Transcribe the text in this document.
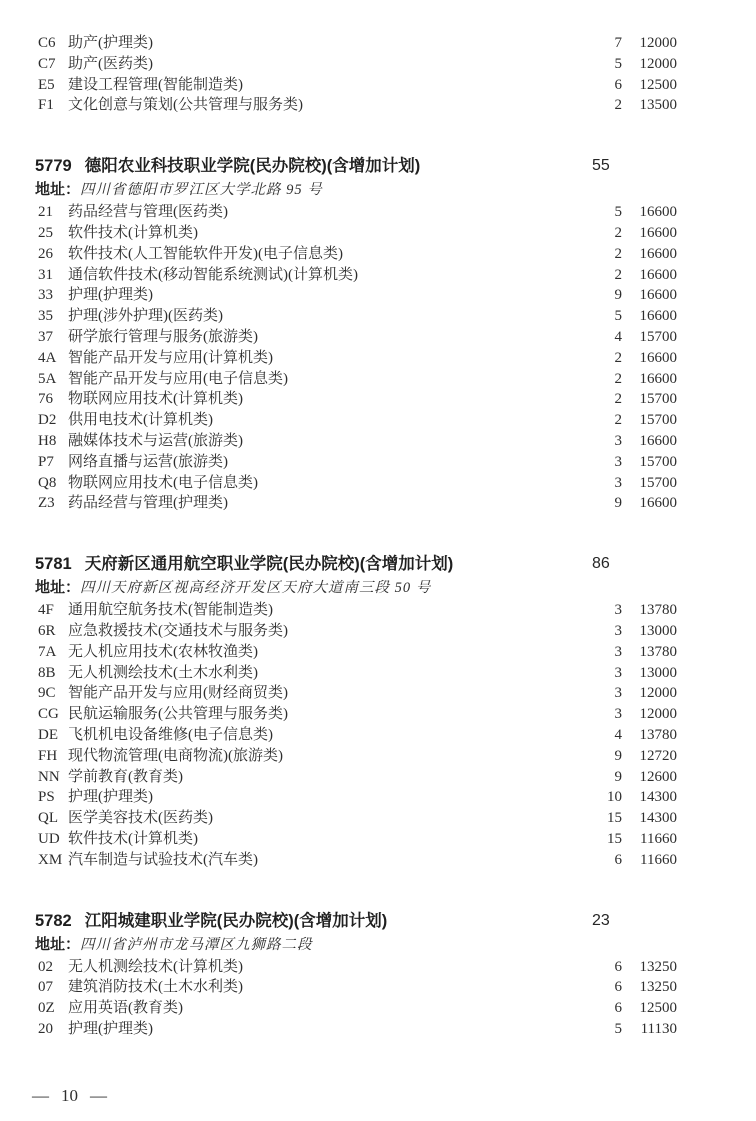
C6 助产(护理类)	7	12000
C7 助产(医药类)	5	12000
E5 建设工程管理(智能制造类)	6	12500
F1 文化创意与策划(公共管理与服务类)	2	13500
5779 德阳农业科技职业学院(民办院校)(含增加计划)	55
地址：四川省德阳市罗江区大学北路 95 号
21	药品经营与管理(医药类)	5	16600
25	软件技术(计算机类)	2	16600
26	软件技术(人工智能软件开发)(电子信息类)	2	16600
31	通信软件技术(移动智能系统测试)(计算机类)	2	16600
33	护理(护理类)	9	16600
35	护理(涉外护理)(医药类)	5	16600
37	研学旅行管理与服务(旅游类)	4	15700
4A 智能产品开发与应用(计算机类)	2	16600
5A 智能产品开发与应用(电子信息类)	2	16600
76	物联网应用技术(计算机类)	2	15700
D2 供用电技术(计算机类)	2	15700
H8 融媒体技术与运营(旅游类)	3	16600
P7 网络直播与运营(旅游类)	3	15700
Q8 物联网应用技术(电子信息类)	3	15700
Z3 药品经营与管理(护理类)	9	16600
5781 天府新区通用航空职业学院(民办院校)(含增加计划)	86
地址：四川天府新区视高经济开发区天府大道南三段 50 号
4F 通用航空航务技术(智能制造类)	3	13780
6R 应急救援技术(交通技术与服务类)	3	13000
7A 无人机应用技术(农林牧渔类)	3	13780
8B 无人机测绘技术(土木水利类)	3	13000
9C 智能产品开发与应用(财经商贸类)	3	12000
CG 民航运输服务(公共管理与服务类)	3	12000
DE 飞机机电设备维修(电子信息类)	4	13780
FH 现代物流管理(电商物流)(旅游类)	9	12720
NN 学前教育(教育类)	9	12600
PS 护理(护理类)	10	14300
QL 医学美容技术(医药类)	15	14300
UD 软件技术(计算机类)	15	11660
XM 汽车制造与试验技术(汽车类)	6	11660
5782 江阳城建职业学院(民办院校)(含增加计划)	23
地址：四川省泸州市龙马潭区九狮路二段
02	无人机测绘技术(计算机类)	6	13250
07	建筑消防技术(土木水利类)	6	13250
0Z 应用英语(教育类)	6	12500
20	护理(护理类)	5	11130
— 10 —
